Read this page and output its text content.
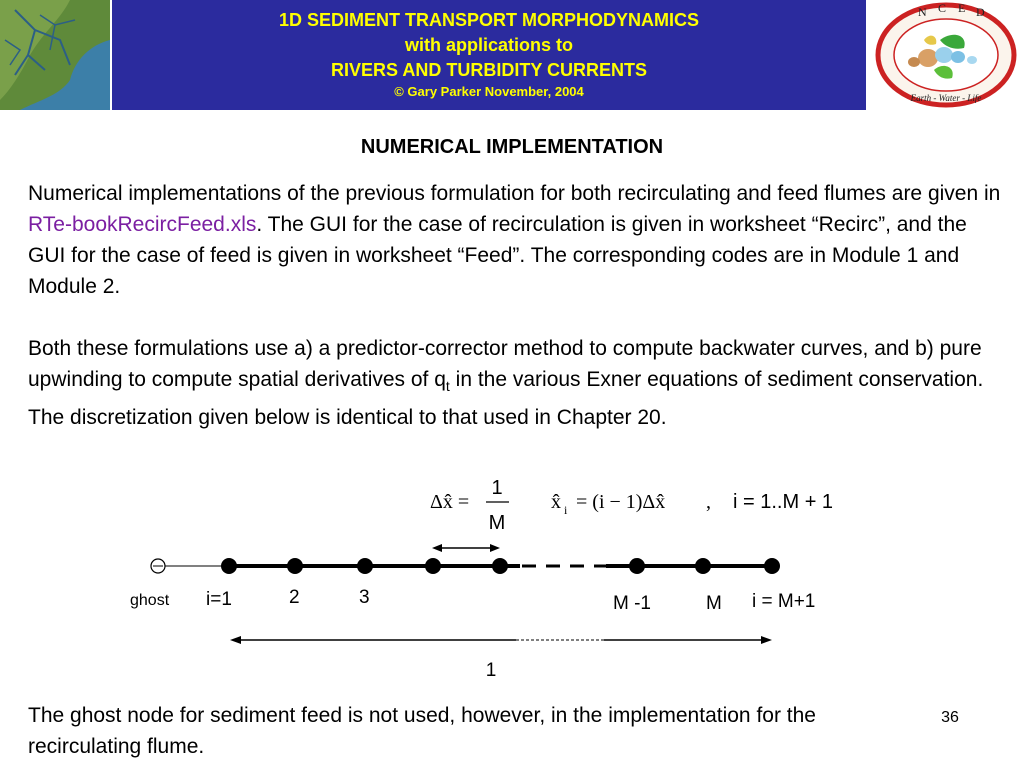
1D SEDIMENT TRANSPORT MORPHODYNAMICS
with applications to
RIVERS AND TURBIDITY CURRENTS
© Gary Parker November, 2004
N C E D
Earth - Water - Life
NUMERICAL IMPLEMENTATION
Numerical implementations of the previous formulation for both recirculating and feed flumes are given in RTe-bookRecircFeed.xls. The GUI for the case of recirculation is given in worksheet “Recirc”, and the GUI for the case of feed is given in worksheet “Feed”. The corresponding codes are in Module 1 and Module 2.
Both these formulations use a) a predictor-corrector method to compute backwater curves, and b) pure upwinding to compute spatial derivatives of $q_t$ in the various Exner equations of sediment conservation. The discretization given below is identical to that used in Chapter 20.
Δx̂ =
1
M
x̂ i = (i − 1)Δx̂ , i = 1..M + 1
ghost i=1	2	3	M -1	M i = M+1
1
The ghost node for sediment feed is not used, however, in the implementation for the recirculating flume.
36
